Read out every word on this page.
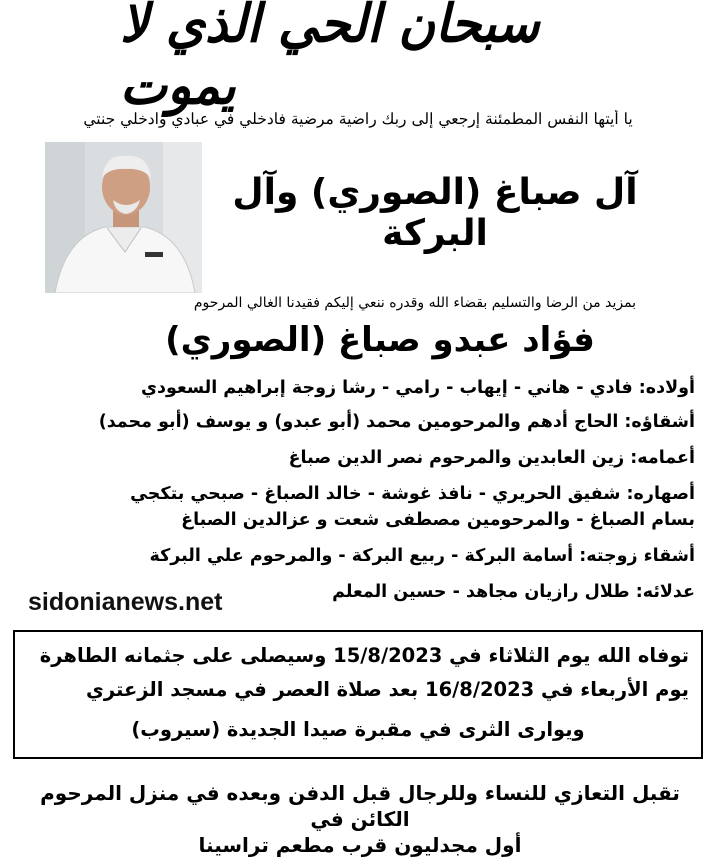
سبحان الحي الذي لا يموت
يا أيتها النفس المطمئنة إرجعي إلى ربك راضية مرضية فادخلي في عبادي وادخلي جنتي
آل صباغ (الصوري) وآل البركة
بمزيد من الرضا والتسليم بقضاء الله وقدره ننعي إليكم فقيدنا الغالي المرحوم
فؤاد عبدو صباغ (الصوري)
أولاده: فادي - هاني - إيهاب - رامي - رشا زوجة إبراهيم السعودي
أشقاؤه: الحاج أدهم والمرحومين محمد (أبو عبدو) و يوسف (أبو محمد)
أعمامه: زين العابدين والمرحوم نصر الدين صباغ
أصهاره: شفيق الحريري - نافذ غوشة - خالد الصباغ - صبحي بتكجي
بسام الصباغ - والمرحومين مصطفى شعت و عزالدين الصباغ
أشقاء زوجته: أسامة البركة - ربيع البركة - والمرحوم علي البركة
عدلائه: طلال رازيان مجاهد - حسين المعلم
sidonianews.net
توفاه الله يوم الثلاثاء في 15/8/2023 وسيصلى على جثمانه الطاهرة
يوم الأربعاء في 16/8/2023 بعد صلاة العصر في مسجد الزعتري
ويوارى الثرى في مقبرة صيدا الجديدة (سيروب)
تقبل التعازي للنساء وللرجال قبل الدفن وبعده في منزل المرحوم الكائن في
أول مجدليون قرب مطعم تراسينا
